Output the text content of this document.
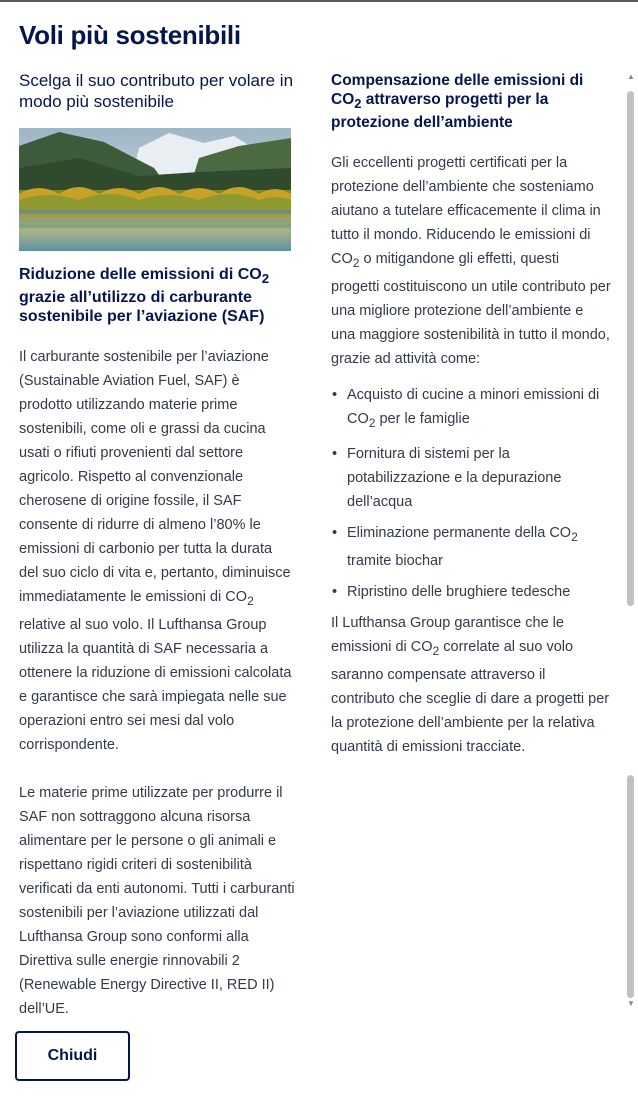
Voli più sostenibili
Scelga il suo contributo per volare in modo più sostenibile
Riduzione delle emissioni di $CO_2$ grazie all’utilizzo di carburante sostenibile per l’aviazione (SAF)

Il carburante sostenibile per l’aviazione (Sustainable Aviation Fuel, SAF) è prodotto utilizzando materie prime sostenibili, come oli e grassi da cucina usati o rifiuti provenienti dal settore agricolo. Rispetto al convenzionale cherosene di origine fossile, il SAF consente di ridurre di almeno l’80% le emissioni di carbonio per tutta la durata del suo ciclo di vita e, pertanto, diminuisce immediatamente le emissioni di $CO_2$ relative al suo volo. Il Lufthansa Group utilizza la quantità di SAF necessaria a ottenere la riduzione di emissioni calcolata e garantisce che sarà impiegata nelle sue operazioni entro sei mesi dal volo corrispondente.

Le materie prime utilizzate per produrre il SAF non sottraggono alcuna risorsa alimentare per le persone o gli animali e rispettano rigidi criteri di sostenibilità verificati da enti autonomi. Tutti i carburanti sostenibili per l’aviazione utilizzati dal Lufthansa Group sono conformi alla Direttiva sulle energie rinnovabili 2 (Renewable Energy Directive II, RED II) dell’UE.

Compensazione delle emissioni di $CO_2$ attraverso progetti per la protezione dell’ambiente

Gli eccellenti progetti certificati per la protezione dell’ambiente che sosteniamo aiutano a tutelare efficacemente il clima in tutto il mondo. Riducendo le emissioni di $CO_2$ o mitigandone gli effetti, questi progetti costituiscono un utile contributo per una migliore protezione dell’ambiente e una maggiore sostenibilità in tutto il mondo, grazie ad attività come:

• Acquisto di cucine a minori emissioni di $CO_2$ per le famiglie
• Fornitura di sistemi per la potabilizzazione e la depurazione dell’acqua
• Eliminazione permanente della $CO_2$ tramite biochar
• Ripristino delle brughiere tedesche

Il Lufthansa Group garantisce che le emissioni di $CO_2$ correlate al suo volo saranno compensate attraverso il contributo che sceglie di dare a progetti per la protezione dell’ambiente per la relativa quantità di emissioni tracciate.

▲
▼
Chiudi
